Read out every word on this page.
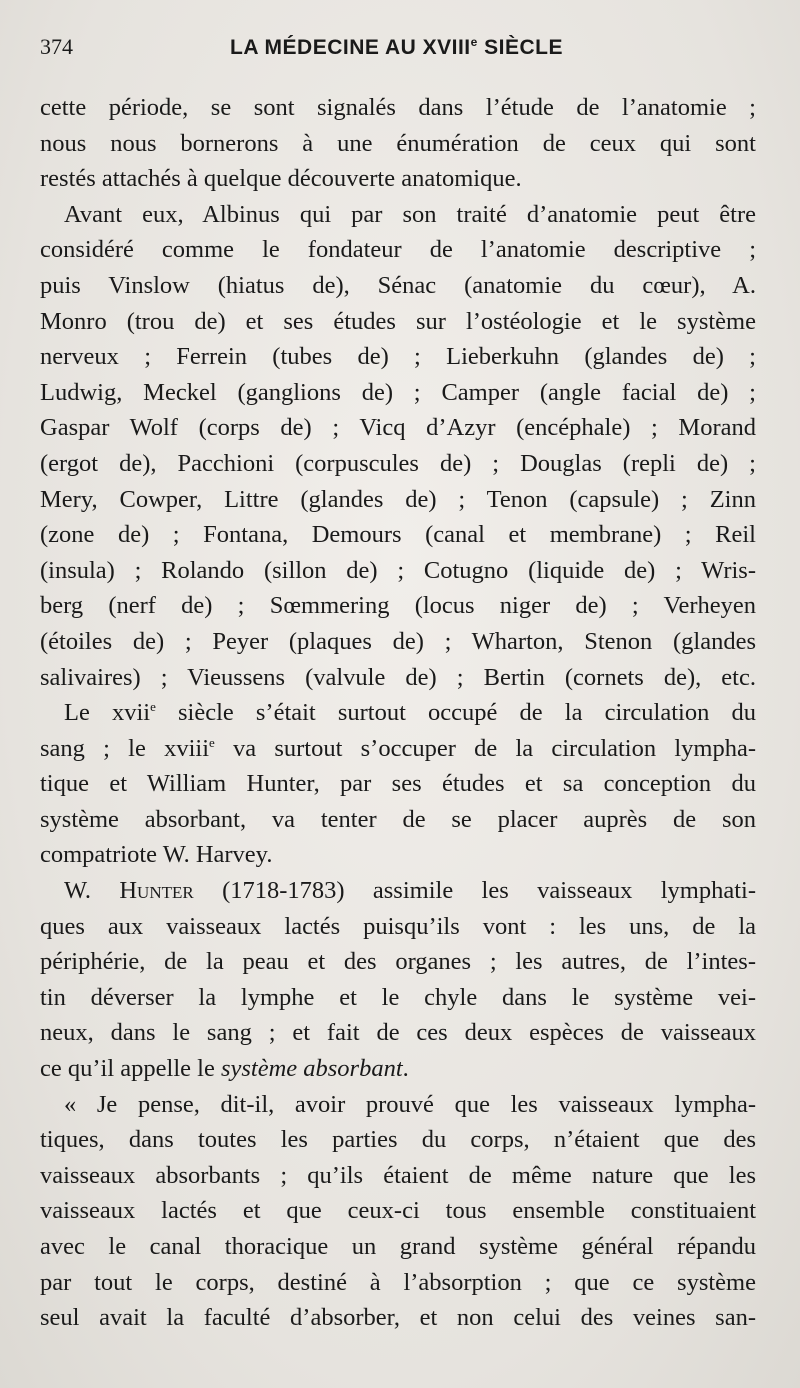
374	LA MÉDECINE AU XVIIIe SIÈCLE
cette période, se sont signalés dans l’étude de l’anatomie ;
nous nous bornerons à une énumération de ceux qui sont
restés attachés à quelque découverte anatomique.
Avant eux, Albinus qui par son traité d’anatomie peut être
considéré comme le fondateur de l’anatomie descriptive ;
puis Vinslow (hiatus de), Sénac (anatomie du cœur), A.
Monro (trou de) et ses études sur l’ostéologie et le système
nerveux ; Ferrein (tubes de) ; Lieberkuhn (glandes de) ;
Ludwig, Meckel (ganglions de) ; Camper (angle facial de) ;
Gaspar Wolf (corps de) ; Vicq d’Azyr (encéphale) ; Morand
(ergot de), Pacchioni (corpuscules de) ; Douglas (repli de) ;
Mery, Cowper, Littre (glandes de) ; Tenon (capsule) ; Zinn
(zone de) ; Fontana, Demours (canal et membrane) ; Reil
(insula) ; Rolando (sillon de) ; Cotugno (liquide de) ; Wris-
berg (nerf de) ; Sœmmering (locus niger de) ; Verheyen
(étoiles de) ; Peyer (plaques de) ; Wharton, Stenon (glandes
salivaires) ; Vieussens (valvule de) ; Bertin (cornets de), etc.
Le xvii$^e$ siècle s’était surtout occupé de la circulation du
sang ; le xviii$^e$ va surtout s’occuper de la circulation lympha-
tique et William Hunter, par ses études et sa conception du
système absorbant, va tenter de se placer auprès de son
compatriote W. Harvey.
W. Hunter (1718-1783) assimile les vaisseaux lymphati-
ques aux vaisseaux lactés puisqu’ils vont : les uns, de la
périphérie, de la peau et des organes ; les autres, de l’intes-
tin déverser la lymphe et le chyle dans le système vei-
neux, dans le sang ; et fait de ces deux espèces de vaisseaux
ce qu’il appelle le système absorbant.
« Je pense, dit-il, avoir prouvé que les vaisseaux lympha-
tiques, dans toutes les parties du corps, n’étaient que des
vaisseaux absorbants ; qu’ils étaient de même nature que les
vaisseaux lactés et que ceux-ci tous ensemble constituaient
avec le canal thoracique un grand système général répandu
par tout le corps, destiné à l’absorption ; que ce système
seul avait la faculté d’absorber, et non celui des veines san-
